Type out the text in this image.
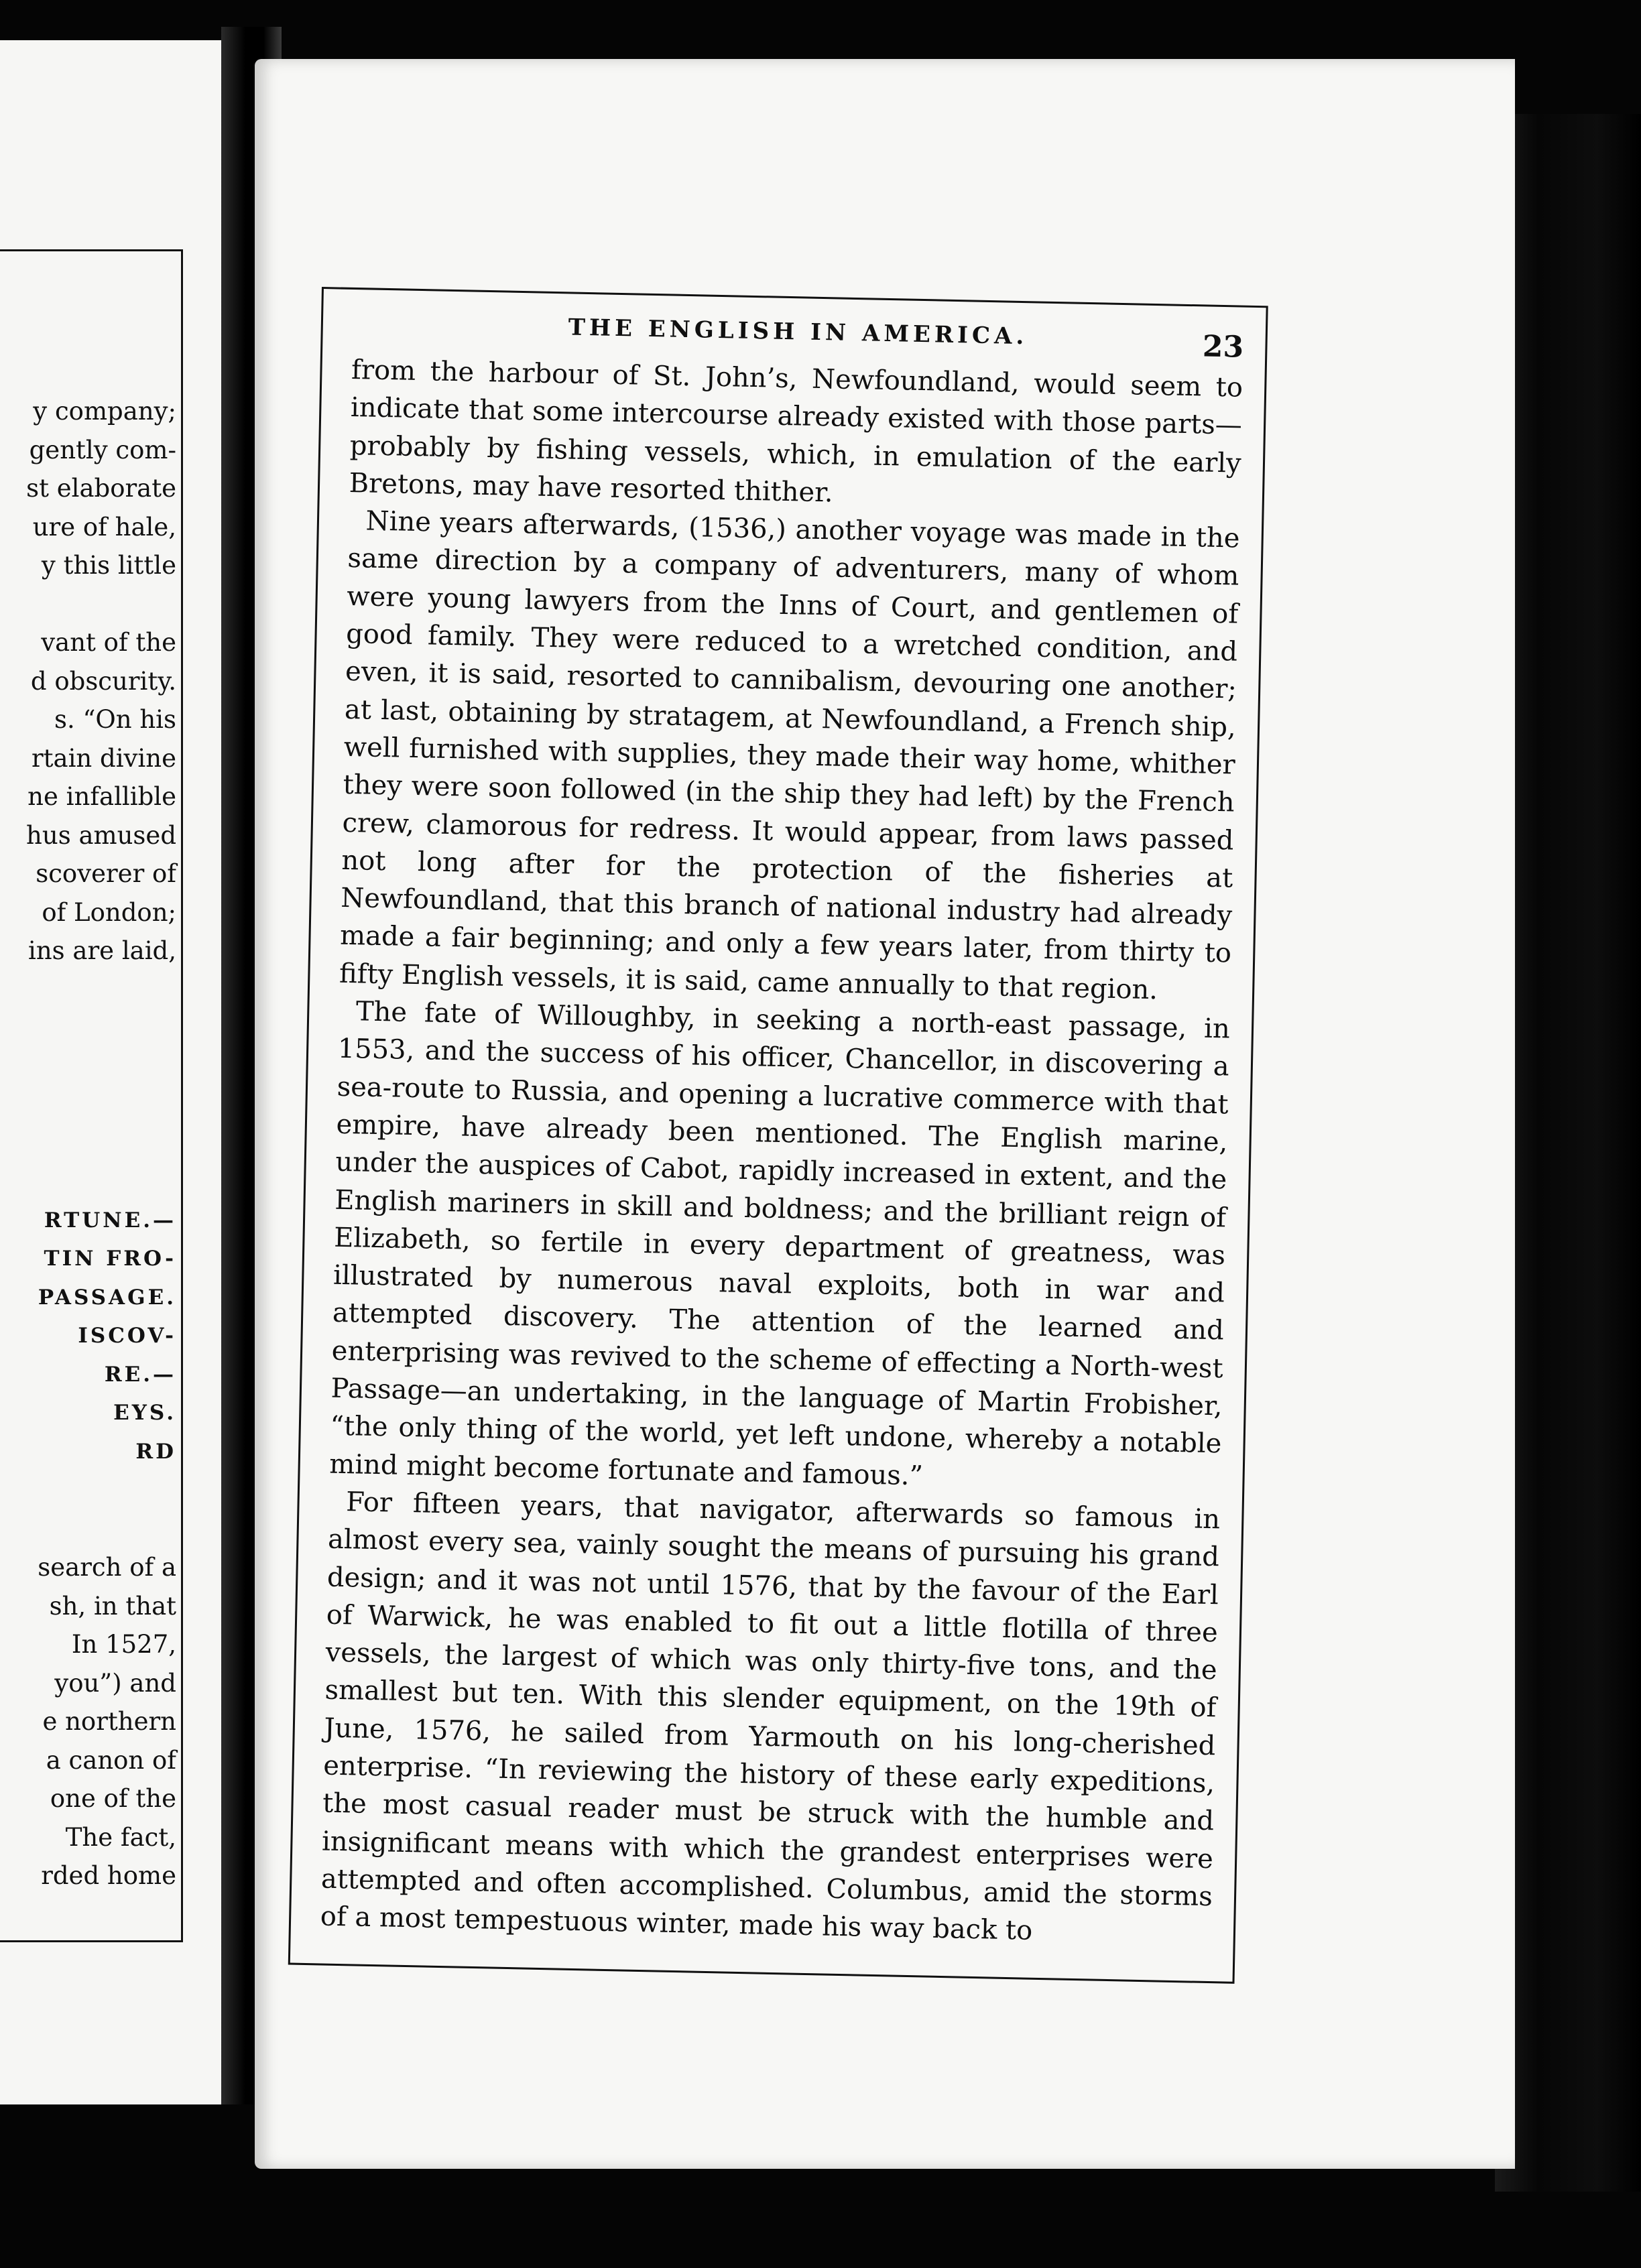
y company;
gently com-
st elaborate
ure of hale,
y this little
vant of the
d obscurity.
s. “On his
rtain divine
ne infallible
hus amused
scoverer of
of London;
ins are laid,
RTUNE.—
TIN FRO-
PASSAGE.
ISCOV-
RE.—
EYS.
RD
search of a
sh, in that
In 1527,
you”) and
e northern
a canon of
one of the
The fact,
rded home
THE ENGLISH IN AMERICA.	23

from the harbour of St. John’s, Newfoundland, would seem to indicate that some intercourse already existed with those parts—probably by fishing vessels, which, in emulation of the early Bretons, may have resorted thither.

Nine years afterwards, (1536,) another voyage was made in the same direction by a company of adventurers, many of whom were young lawyers from the Inns of Court, and gentlemen of good family. They were reduced to a wretched condition, and even, it is said, resorted to cannibalism, devouring one another; at last, obtaining by stratagem, at Newfoundland, a French ship, well furnished with supplies, they made their way home, whither they were soon followed (in the ship they had left) by the French crew, clamorous for redress. It would appear, from laws passed not long after for the protection of the fisheries at Newfoundland, that this branch of national industry had already made a fair beginning; and only a few years later, from thirty to fifty English vessels, it is said, came annually to that region.

The fate of Willoughby, in seeking a north-east passage, in 1553, and the success of his officer, Chancellor, in discovering a sea-route to Russia, and opening a lucrative commerce with that empire, have already been mentioned. The English marine, under the auspices of Cabot, rapidly increased in extent, and the English mariners in skill and boldness; and the brilliant reign of Elizabeth, so fertile in every department of greatness, was illustrated by numerous naval exploits, both in war and attempted discovery. The attention of the learned and enterprising was revived to the scheme of effecting a North-west Passage—an undertaking, in the language of Martin Frobisher, “the only thing of the world, yet left undone, whereby a notable mind might become fortunate and famous.”

For fifteen years, that navigator, afterwards so famous in almost every sea, vainly sought the means of pursuing his grand design; and it was not until 1576, that by the favour of the Earl of Warwick, he was enabled to fit out a little flotilla of three vessels, the largest of which was only thirty-five tons, and the smallest but ten. With this slender equipment, on the 19th of June, 1576, he sailed from Yarmouth on his long-cherished enterprise. “In reviewing the history of these early expeditions, the most casual reader must be struck with the humble and insignificant means with which the grandest enterprises were attempted and often accomplished. Columbus, amid the storms of a most tempestuous winter, made his way back to
